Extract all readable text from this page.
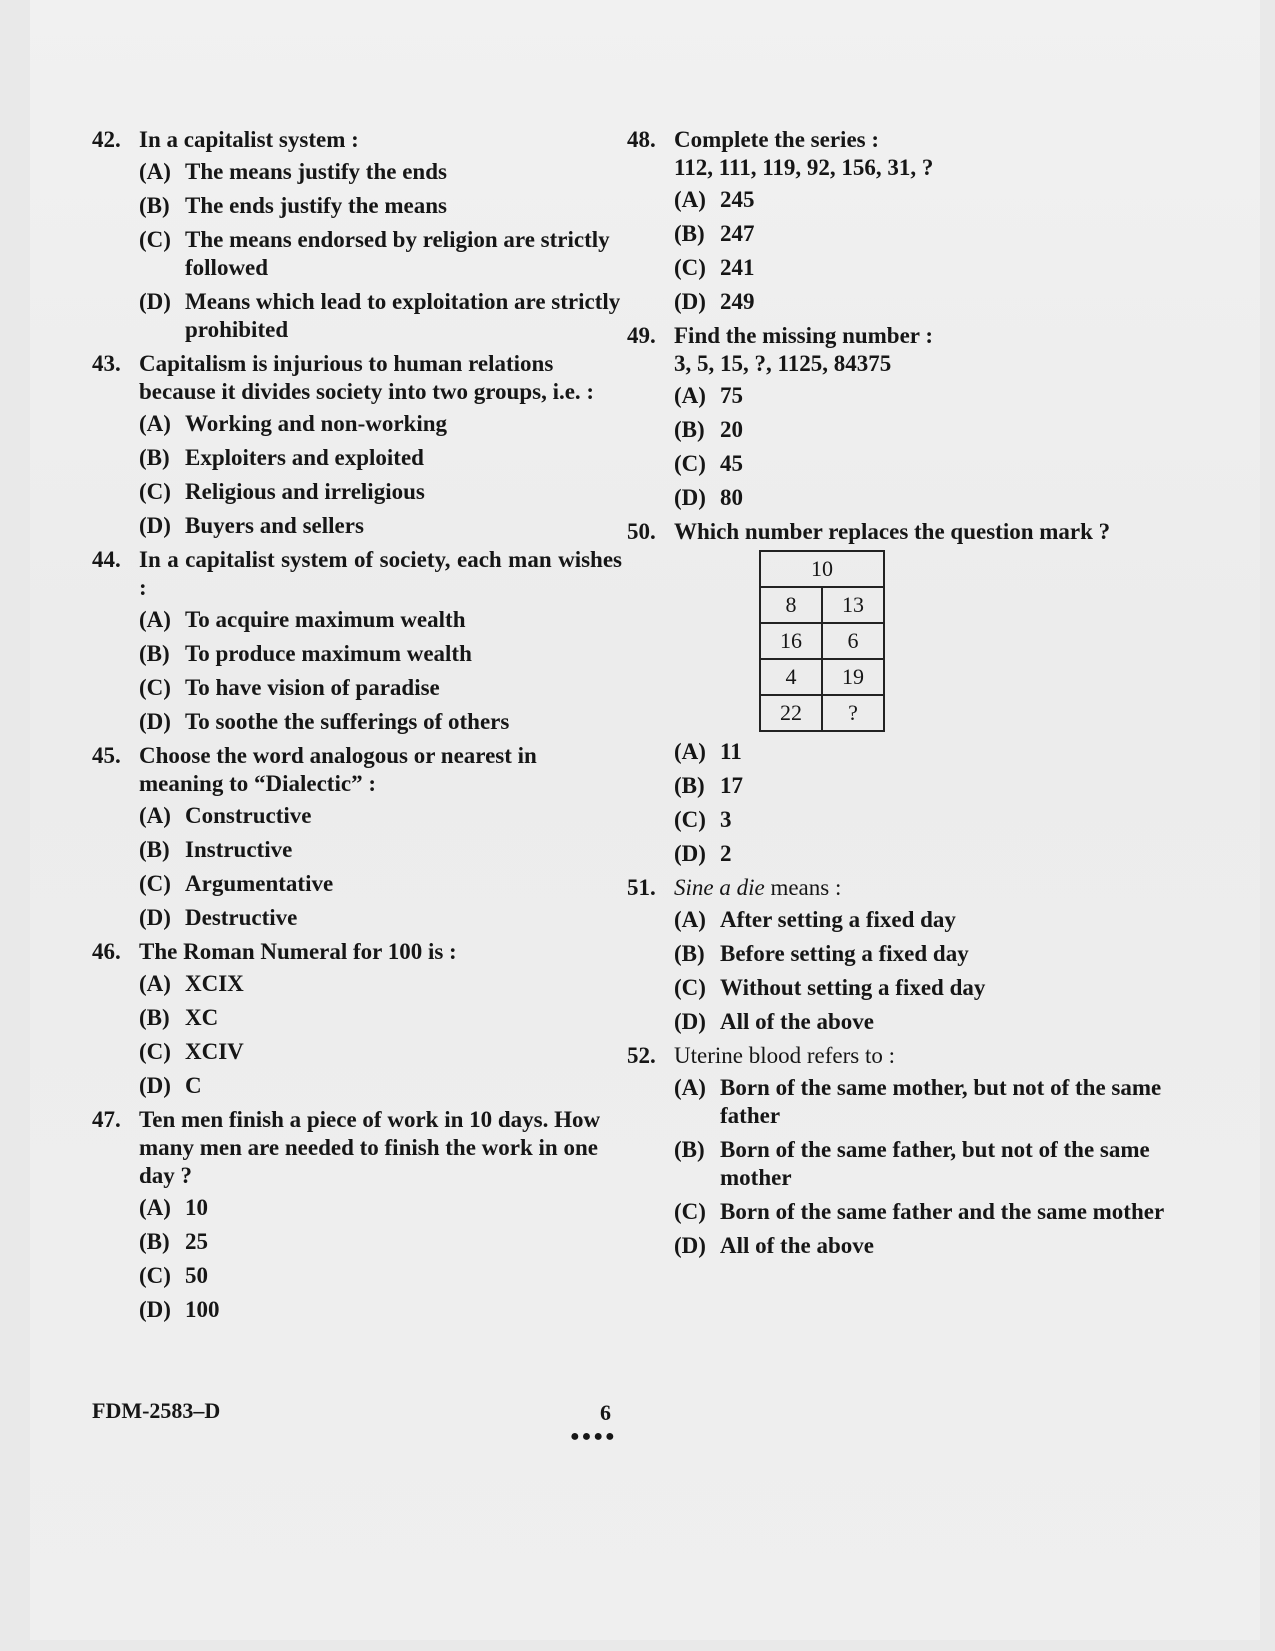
42. In a capitalist system :
(A) The means justify the ends
(B) The ends justify the means
(C) The means endorsed by religion are strictly followed
(D) Means which lead to exploitation are strictly prohibited
43. Capitalism is injurious to human relations because it divides society into two groups, i.e. :
(A) Working and non-working
(B) Exploiters and exploited
(C) Religious and irreligious
(D) Buyers and sellers
44. In a capitalist system of society, each man wishes :
(A) To acquire maximum wealth
(B) To produce maximum wealth
(C) To have vision of paradise
(D) To soothe the sufferings of others
45. Choose the word analogous or nearest in meaning to “Dialectic” :
(A) Constructive
(B) Instructive
(C) Argumentative
(D) Destructive
46. The Roman Numeral for 100 is :
(A) XCIX
(B) XC
(C) XCIV
(D) C
47. Ten men finish a piece of work in 10 days. How many men are needed to finish the work in one day ?
(A) 10
(B) 25
(C) 50
(D) 100
48. Complete the series :
112, 111, 119, 92, 156, 31, ?
(A) 245
(B) 247
(C) 241
(D) 249
49. Find the missing number :
3, 5, 15, ?, 1125, 84375
(A) 75
(B) 20
(C) 45
(D) 80
50. Which number replaces the question mark ?
10	
8	13
16	6
4	19
22	?
(A) 11
(B) 17
(C) 3
(D) 2
51. Sine a die means :
(A) After setting a fixed day
(B) Before setting a fixed day
(C) Without setting a fixed day
(D) All of the above
52. Uterine blood refers to :
(A) Born of the same mother, but not of the same father
(B) Born of the same father, but not of the same mother
(C) Born of the same father and the same mother
(D) All of the above
FDM-2583–D	6
●●●●
